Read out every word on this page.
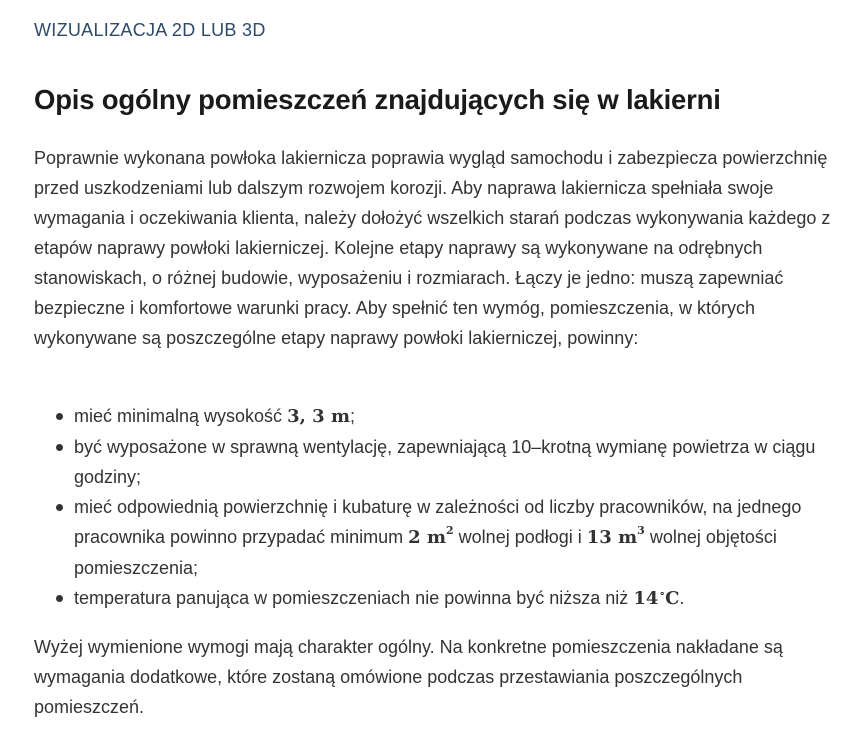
WIZUALIZACJA 2D LUB 3D
Opis ogólny pomieszczeń znajdujących się w lakierni

Poprawnie wykonana powłoka lakiernicza poprawia wygląd samochodu i zabezpiecza powierzchnię przed uszkodzeniami lub dalszym rozwojem korozji. Aby naprawa lakiernicza spełniała swoje wymagania i oczekiwania klienta, należy dołożyć wszelkich starań podczas wykonywania każdego z etapów naprawy powłoki lakierniczej. Kolejne etapy naprawy są wykonywane na odrębnych stanowiskach, o różnej budowie, wyposażeniu i rozmiarach. Łączy je jedno: muszą zapewniać bezpieczne i komfortowe warunki pracy. Aby spełnić ten wymóg, pomieszczenia, w których wykonywane są poszczególne etapy naprawy powłoki lakierniczej, powinny:

mieć minimalną wysokość 3, 3 m;
być wyposażone w sprawną wentylację, zapewniającą 10–krotną wymianę powietrza w ciągu godziny;
mieć odpowiednią powierzchnię i kubaturę w zależności od liczby pracowników, na jednego pracownika powinno przypadać minimum 2 $m^2$ wolnej podłogi i 13 $m^3$ wolnej objętości pomieszczenia;
temperatura panująca w pomieszczeniach nie powinna być niższa niż 14∘C.

Wyżej wymienione wymogi mają charakter ogólny. Na konkretne pomieszczenia nakładane są wymagania dodatkowe, które zostaną omówione podczas przestawiania poszczególnych pomieszczeń.
